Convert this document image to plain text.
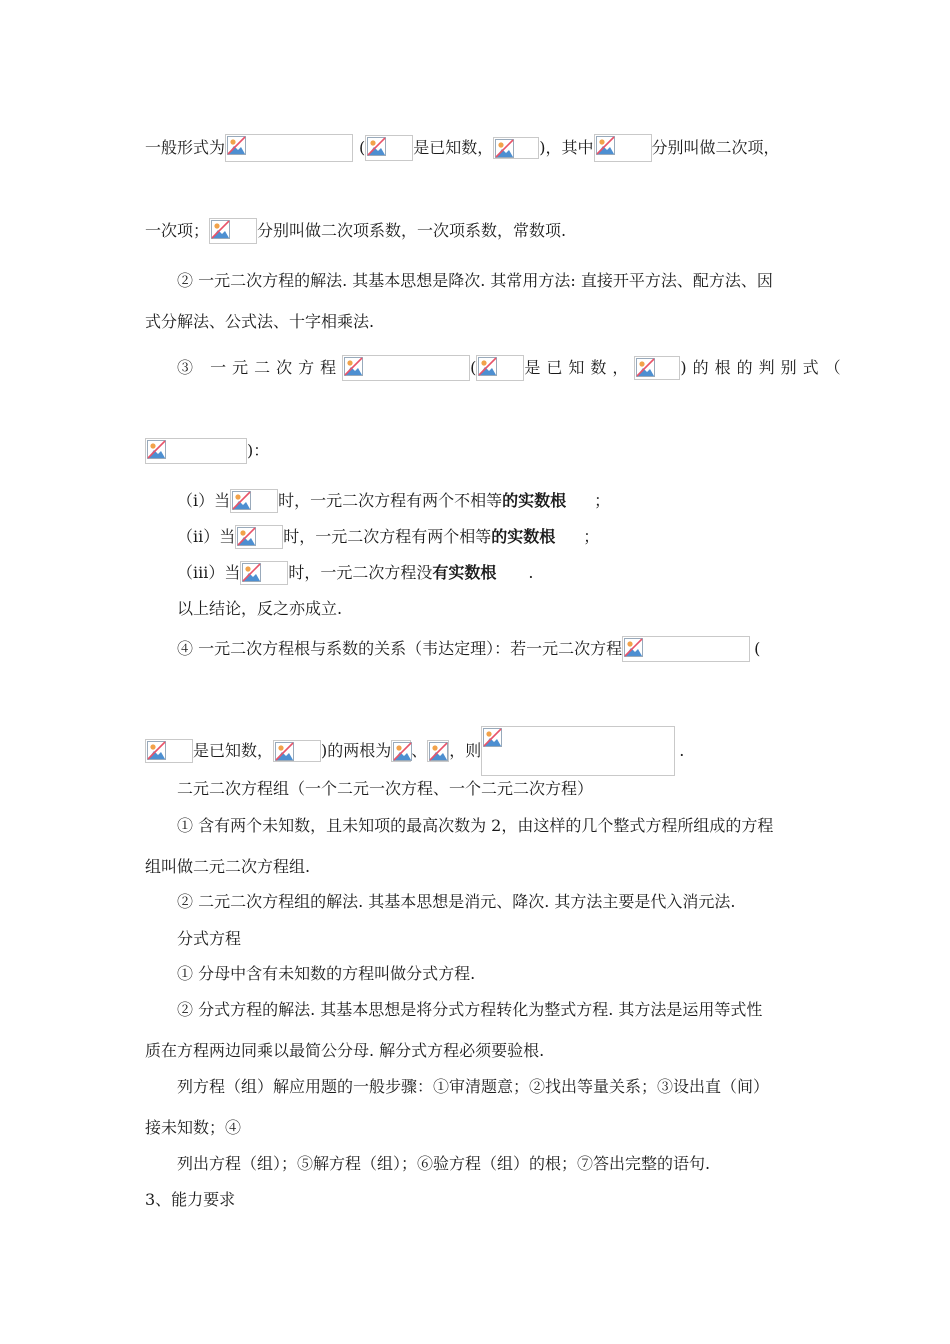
一般形式为	(	是已知数，	)，其中	分别叫做二次项，
一次项；	分别叫做二次项系数，一次项系数，常数项.
② 一元二次方程的解法. 其基本思想是降次. 其常用方法: 直接开平方法、配方法、因
式分解法、公式法、十字相乘法.
③ 一元二次方程	(	是已知数，	)的根的判别式（
)：
（ⅰ）当	时，一元二次方程有两个不相等的实数根 ；
（ⅱ）当	时，一元二次方程有两个相等的实数根 ；
（ⅲ）当	时，一元二次方程没有实数根 .
以上结论，反之亦成立.
④ 一元二次方程根与系数的关系（韦达定理）：若一元二次方程	(
是已知数，	)的两根为 、 ，则	.
二元二次方程组（一个二元一次方程、一个二元二次方程）
① 含有两个未知数，且未知项的最高次数为 2，由这样的几个整式方程所组成的方程
组叫做二元二次方程组.
② 二元二次方程组的解法. 其基本思想是消元、降次. 其方法主要是代入消元法.
分式方程
① 分母中含有未知数的方程叫做分式方程.
② 分式方程的解法. 其基本思想是将分式方程转化为整式方程. 其方法是运用等式性
质在方程两边同乘以最简公分母. 解分式方程必须要验根.
列方程（组）解应用题的一般步骤：①审清题意；②找出等量关系；③设出直（间）
接未知数；④
列出方程（组）；⑤解方程（组）；⑥验方程（组）的根；⑦答出完整的语句.
3、能力要求
